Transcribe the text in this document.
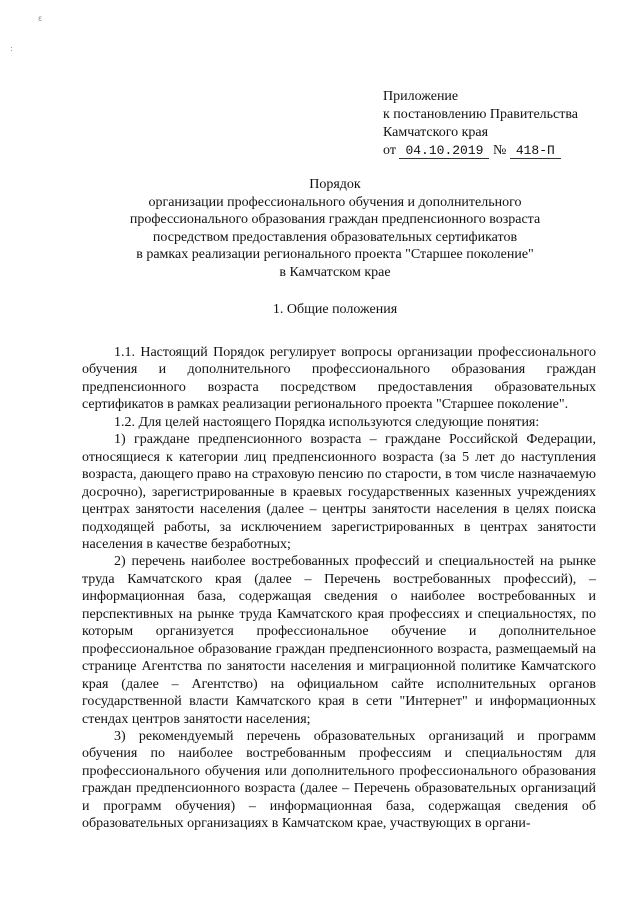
ε
:
Приложение
к постановлению Правительства
Камчатского края
от 04.10.2019 № 418-П
Порядок
организации профессионального обучения и дополнительного
профессионального образования граждан предпенсионного возраста
посредством предоставления образовательных сертификатов
в рамках реализации регионального проекта "Старшее поколение"
в Камчатском крае
1. Общие положения

1.1. Настоящий Порядок регулирует вопросы организации профессионального обучения и дополнительного профессионального образования граждан предпенсионного возраста посредством предоставления образовательных сертификатов в рамках реализации регионального проекта "Старшее поколение".

1.2. Для целей настоящего Порядка используются следующие понятия:

1) граждане предпенсионного возраста – граждане Российской Федерации, относящиеся к категории лиц предпенсионного возраста (за 5 лет до наступления возраста, дающего право на страховую пенсию по старости, в том числе назначаемую досрочно), зарегистрированные в краевых государственных казенных учреждениях центрах занятости населения (далее – центры занятости населения в целях поиска подходящей работы, за исключением зарегистрированных в центрах занятости населения в качестве безработных;

2) перечень наиболее востребованных профессий и специальностей на рынке труда Камчатского края (далее – Перечень востребованных профессий), – информационная база, содержащая сведения о наиболее востребованных и перспективных на рынке труда Камчатского края профессиях и специальностях, по которым организуется профессиональное обучение и дополнительное профессиональное образование граждан предпенсионного возраста, размещаемый на странице Агентства по занятости населения и миграционной политике Камчатского края (далее – Агентство) на официальном сайте исполнительных органов государственной власти Камчатского края в сети "Интернет" и информационных стендах центров занятости населения;

3) рекомендуемый перечень образовательных организаций и программ обучения по наиболее востребованным профессиям и специальностям для профессионального обучения или дополнительного профессионального образования граждан предпенсионного возраста (далее – Перечень образовательных организаций и программ обучения) – информационная база, содержащая сведения об образовательных организациях в Камчатском крае, участвующих в органи-
